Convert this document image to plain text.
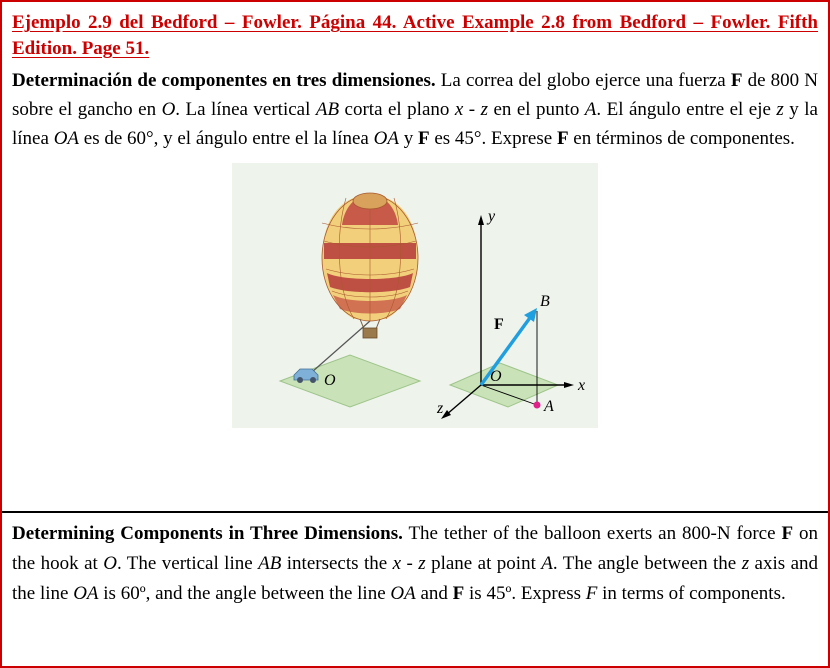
Ejemplo 2.9 del Bedford – Fowler. Página 44. Active Example 2.8 from Bedford – Fowler. Fifth Edition. Page 51.
Determinación de componentes en tres dimensiones. La correa del globo ejerce una fuerza F de 800 N sobre el gancho en O. La línea vertical AB corta el plano x - z en el punto A. El ángulo entre el eje z y la línea OA es de 60°, y el ángulo entre el la línea OA y F es 45°. Exprese F en términos de componentes.
O
y
x
z
O
B
A
F
Determining Components in Three Dimensions. The tether of the balloon exerts an 800-N force F on the hook at O. The vertical line AB intersects the x - z plane at point A. The angle between the z axis and the line OA is 60º, and the angle between the line OA and F is 45º. Express F in terms of components.
